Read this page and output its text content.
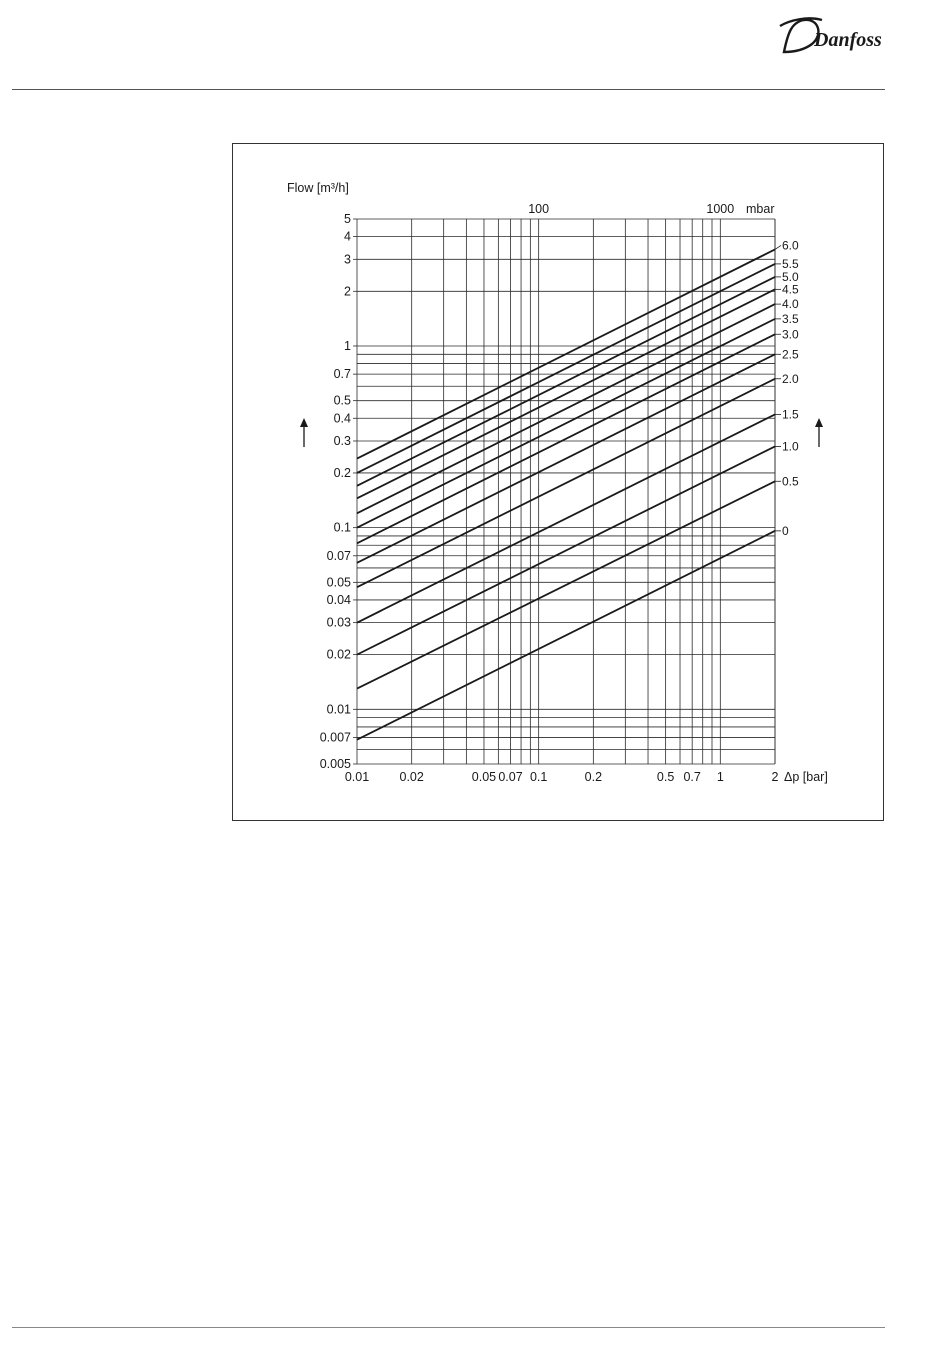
Danfoss
Flow [m³/h]
Δp [bar]
mbar
6.0
5.5
5.0
4.5
4.0
3.5
3.0
2.5
2.0
1.5
1.0
0.5
0
0.005
0.007
0.01
0.02
0.03
0.04
0.05
0.07
0.1
0.2
0.3
0.4
0.5
0.7
1
2
3
4
5
0.01 0.02	0.05 0.07 0.1	0.2	0.5 0.7 1	2
100	1000
